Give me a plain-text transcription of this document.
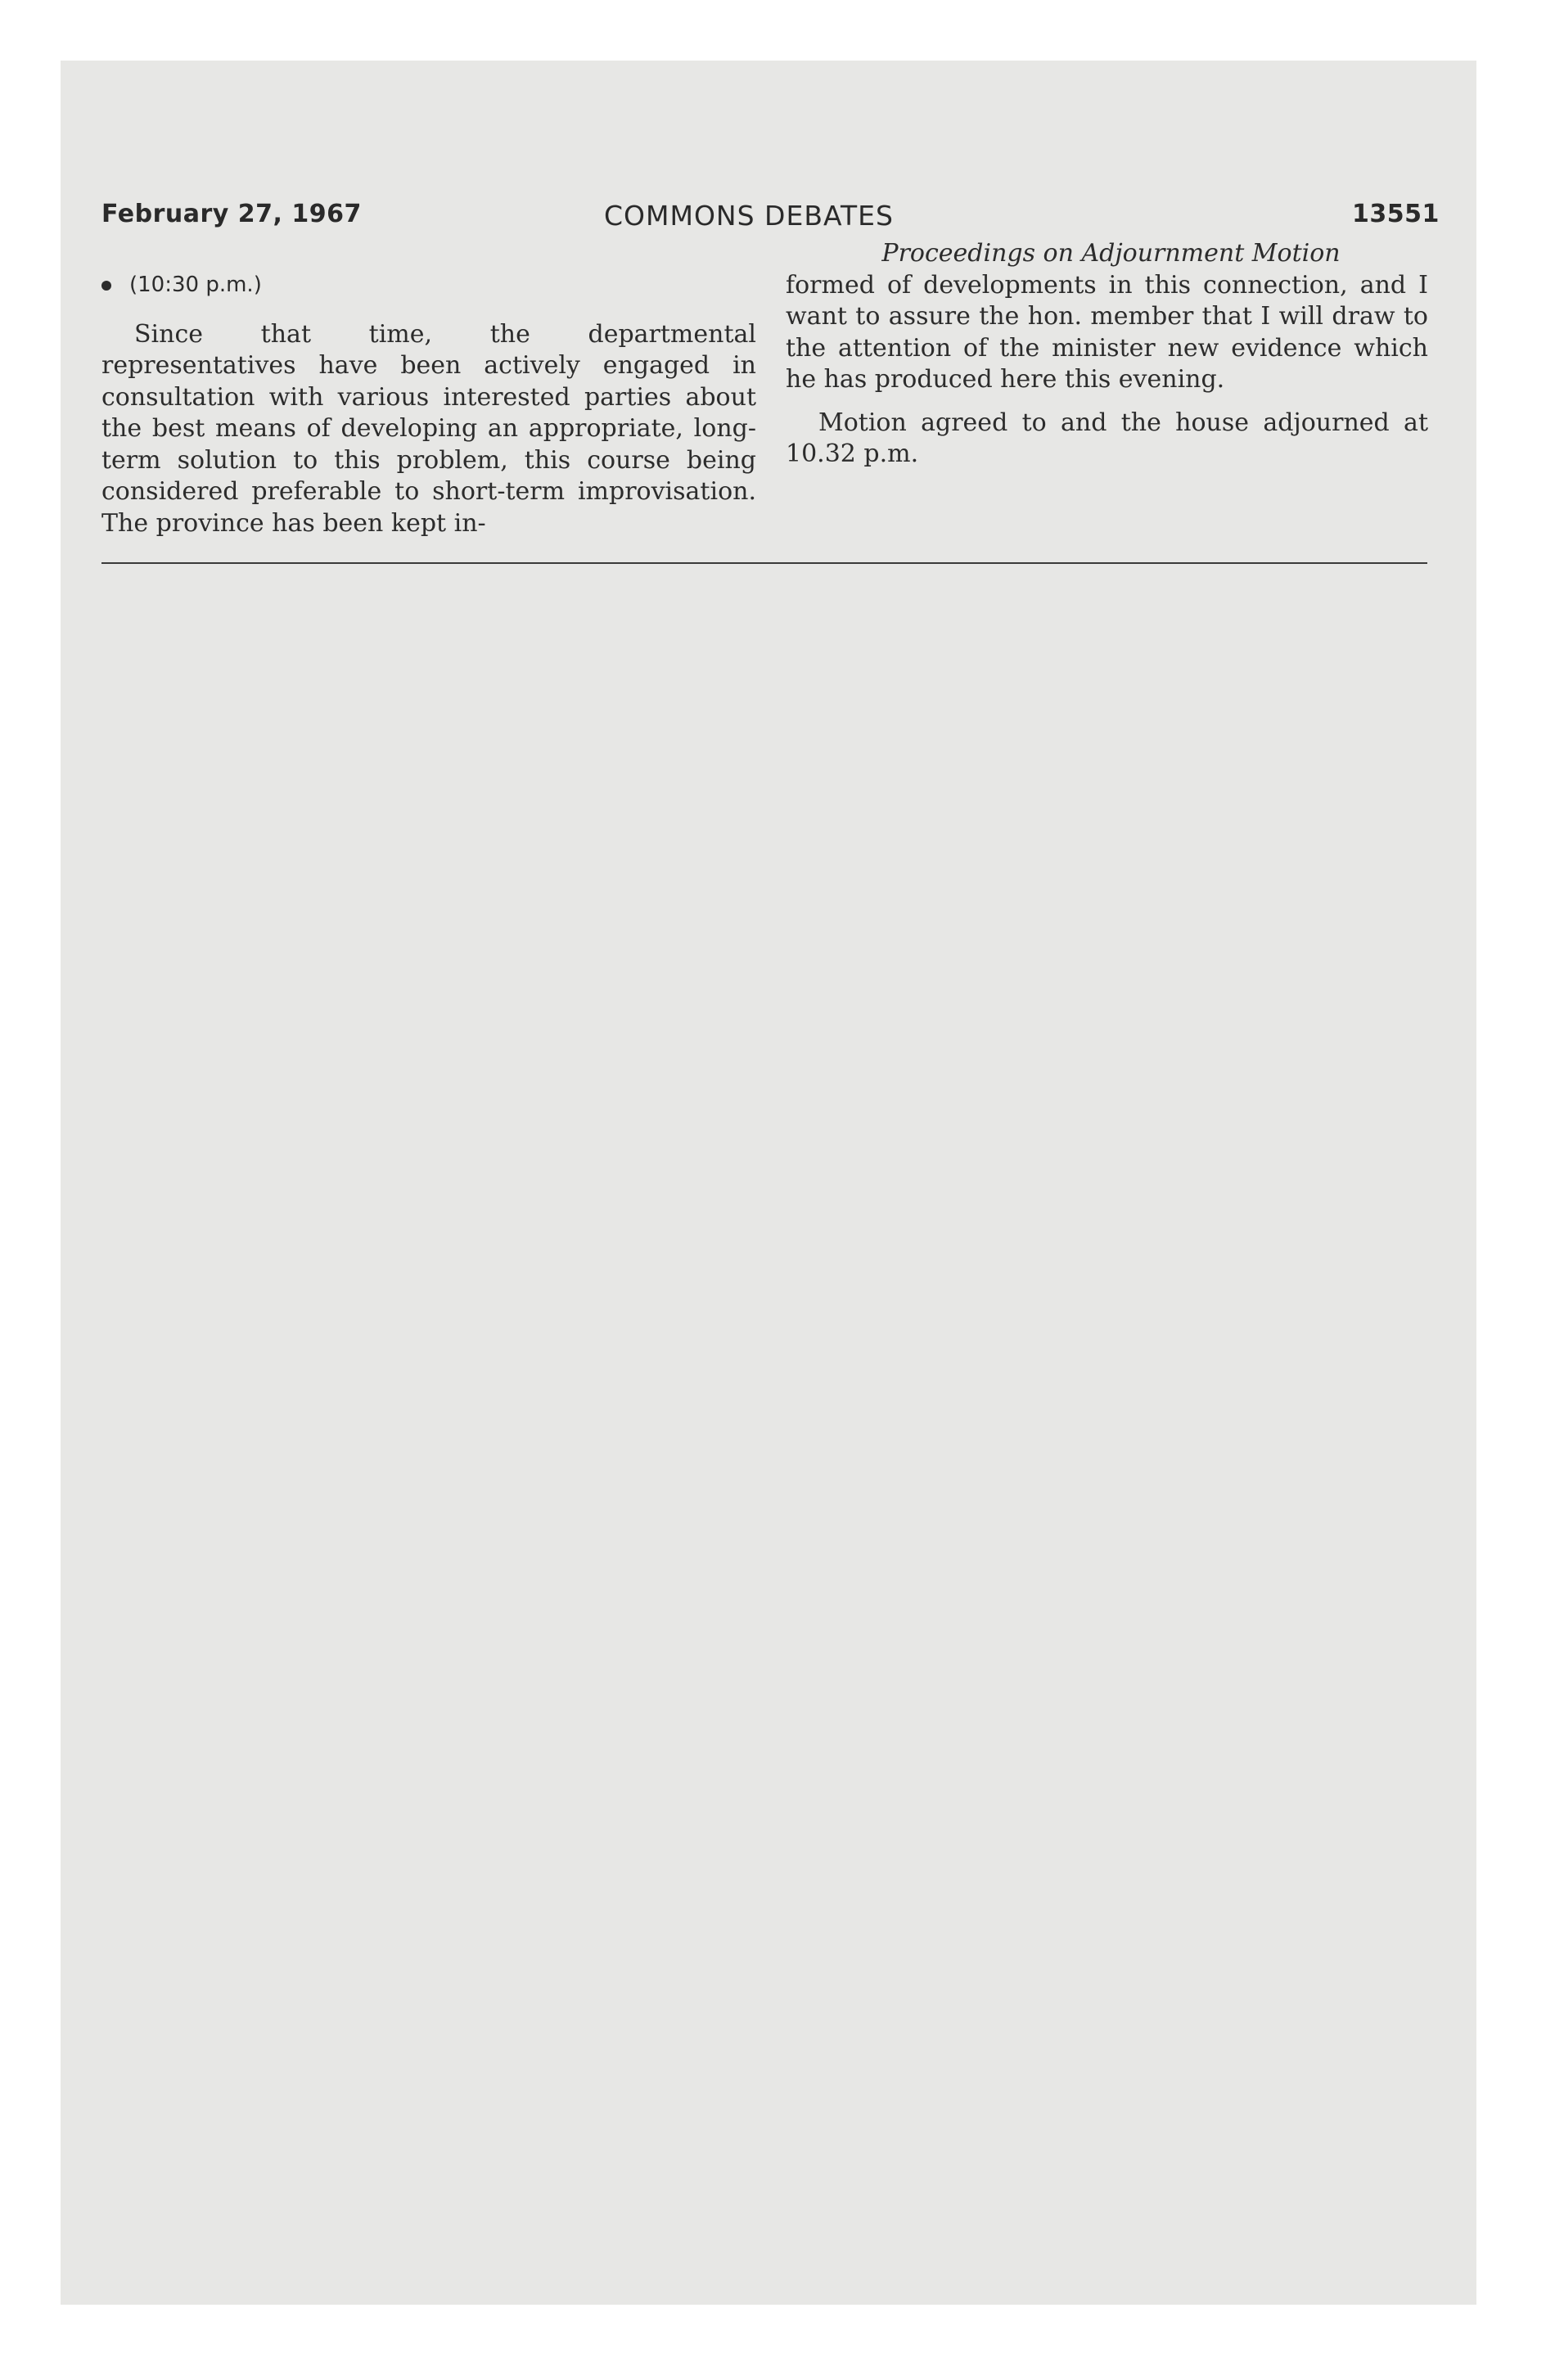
February 27, 1967	COMMONS DEBATES	13551
(10:30 p.m.)

Since that time, the departmental representatives have been actively engaged in consultation with various interested parties about the best means of developing an appropriate, long-term solution to this problem, this course being considered preferable to short-term improvisation. The province has been kept in-

Proceedings on Adjournment Motion

formed of developments in this connection, and I want to assure the hon. member that I will draw to the attention of the minister new evidence which he has produced here this evening.

Motion agreed to and the house adjourned at 10.32 p.m.
